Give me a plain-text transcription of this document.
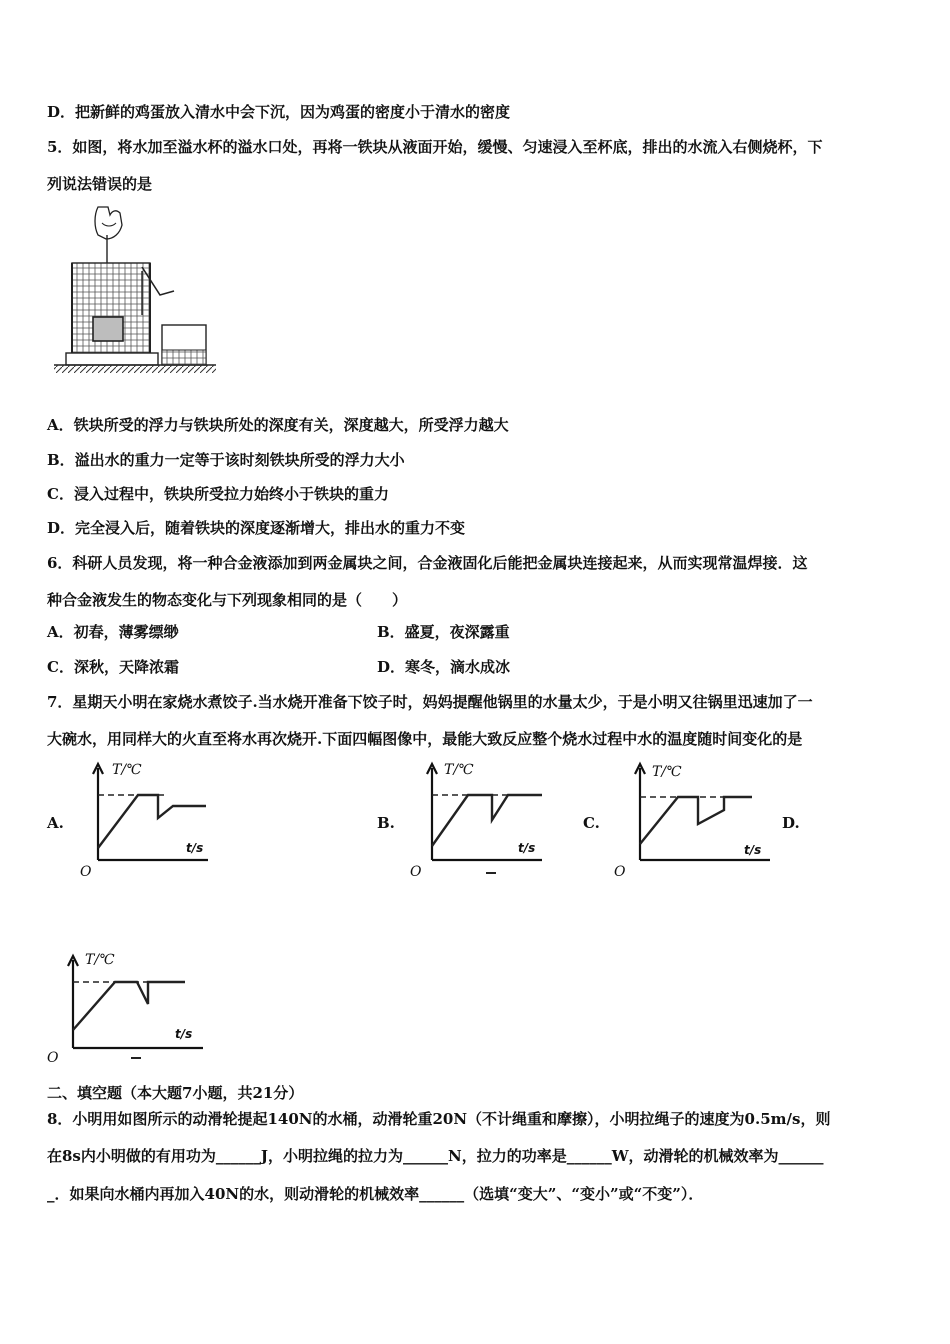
D．把新鲜的鸡蛋放入清水中会下沉，因为鸡蛋的密度小于清水的密度
5．如图，将水加至溢水杯的溢水口处，再将一铁块从液面开始，缓慢、匀速浸入至杯底，排出的水流入右侧烧杯，下
列说法错误的是
A．铁块所受的浮力与铁块所处的深度有关，深度越大，所受浮力越大
B．溢出水的重力一定等于该时刻铁块所受的浮力大小
C．浸入过程中，铁块所受拉力始终小于铁块的重力
D．完全浸入后，随着铁块的深度逐渐增大，排出水的重力不变
6．科研人员发现，将一种合金液添加到两金属块之间，合金液固化后能把金属块连接起来，从而实现常温焊接．这
种合金液发生的物态变化与下列现象相同的是（　　）
A．初春，薄雾缥缈	B．盛夏，夜深露重
C．深秋，天降浓霜	D．寒冬，滴水成冰
7．星期天小明在家烧水煮饺子.当水烧开准备下饺子时，妈妈提醒他锅里的水量太少，于是小明又往锅里迅速加了一
大碗水，用同样大的火直至将水再次烧开.下面四幅图像中，最能大致反应整个烧水过程中水的温度随时间变化的是
A.	B.	C.	D.
T/℃
t/s
O
T/℃
t/s
O
T/℃
t/s
O
T/℃
t/s
O
二、填空题（本大题7小题，共21分）
8．小明用如图所示的动滑轮提起140N的水桶，动滑轮重20N（不计绳重和摩擦），小明拉绳子的速度为0.5m/s，则
在8s内小明做的有用功为______J，小明拉绳的拉力为______N，拉力的功率是______W，动滑轮的机械效率为______
_．如果向水桶内再加入40N的水，则动滑轮的机械效率______（选填“变大”、“变小”或“不变”）．
